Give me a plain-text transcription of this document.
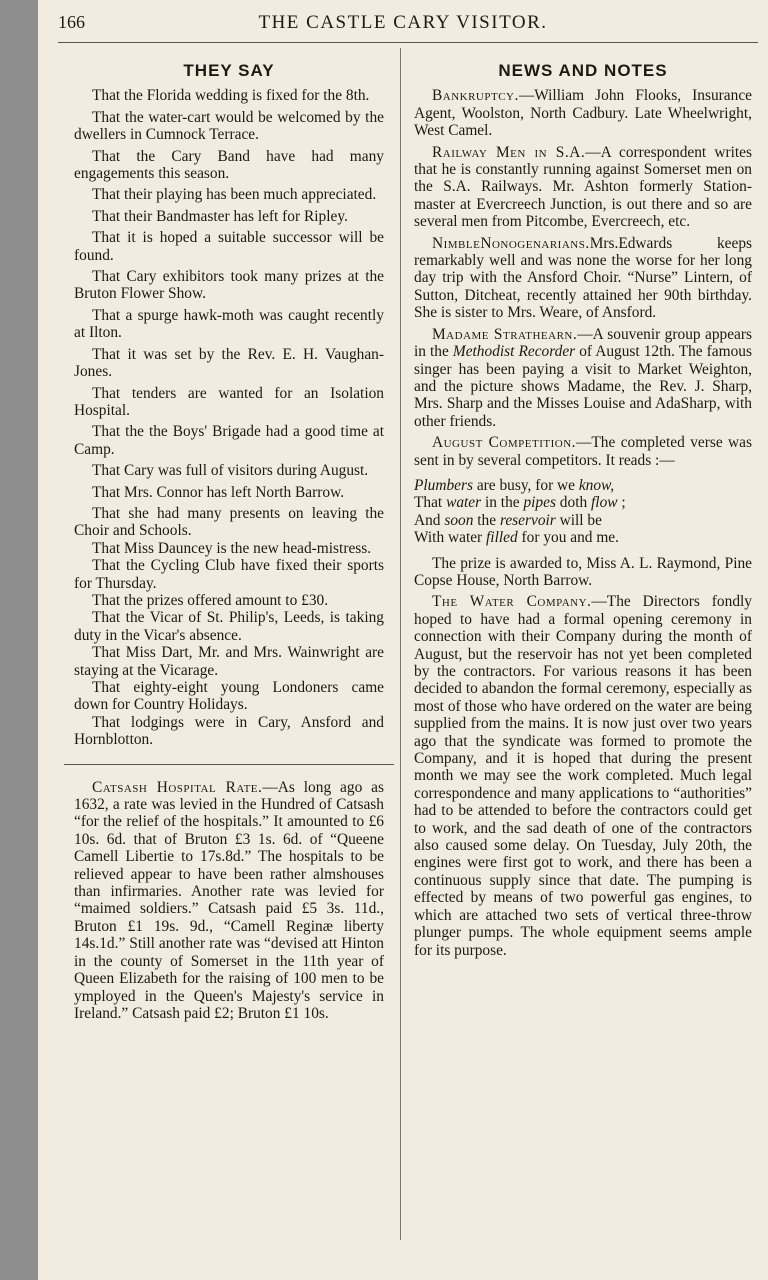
166	THE CASTLE CARY VISITOR.
THEY SAY

That the Florida wedding is fixed for the 8th.

That the water-cart would be welcomed by the dwellers in Cumnock Terrace.

That the Cary Band have had many engagements this season.

That their playing has been much appreciated.

That their Bandmaster has left for Ripley.

That it is hoped a suitable successor will be found.

That Cary exhibitors took many prizes at the Bruton Flower Show.

That a spurge hawk-moth was caught recently at Ilton.

That it was set by the Rev. E. H. Vaughan-Jones.

That tenders are wanted for an Isolation Hospital.

That the the Boys' Brigade had a good time at Camp.

That Cary was full of visitors during August.

That Mrs. Connor has left North Barrow.

That she had many presents on leaving the Choir and Schools.

That Miss Dauncey is the new head-mistress.

That the Cycling Club have fixed their sports for Thursday.

That the prizes offered amount to £30.

That the Vicar of St. Philip's, Leeds, is taking duty in the Vicar's absence.

That Miss Dart, Mr. and Mrs. Wainwright are staying at the Vicarage.

That eighty-eight young Londoners came down for Country Holidays.

That lodgings were in Cary, Ansford and Hornblotton.

Catsash Hospital Rate.—As long ago as 1632, a rate was levied in the Hundred of Catsash “for the relief of the hospitals.” It amounted to £6 10s. 6d. that of Bruton £3 1s. 6d. of “Queene Camell Libertie to 17s.8d.” The hospitals to be relieved appear to have been rather almshouses than infirmaries. Another rate was levied for “maimed soldiers.” Catsash paid £5 3s. 11d., Bruton £1 19s. 9d., “Camell Reginæ liberty 14s.1d.” Still another rate was “devised att Hinton in the county of Somerset in the 11th year of Queen Elizabeth for the raising of 100 men to be ymployed in the Queen's Majesty's service in Ireland.” Catsash paid £2; Bruton £1 10s.

NEWS AND NOTES

Bankruptcy.—William John Flooks, Insurance Agent, Woolston, North Cadbury. Late Wheelwright, West Camel.

Railway Men in S.A.—A correspondent writes that he is constantly running against Somerset men on the S.A. Railways. Mr. Ashton formerly Station-master at Evercreech Junction, is out there and so are several men from Pitcombe, Evercreech, etc.

NimbleNonogenarians.Mrs.Edwards keeps remarkably well and was none the worse for her long day trip with the Ansford Choir. “Nurse” Lintern, of Sutton, Ditcheat, recently attained her 90th birthday. She is sister to Mrs. Weare, of Ansford.

Madame Strathearn.—A souvenir group appears in the Methodist Recorder of August 12th. The famous singer has been paying a visit to Market Weighton, and the picture shows Madame, the Rev. J. Sharp, Mrs. Sharp and the Misses Louise and AdaSharp, with other friends.

August Competition.—The completed verse was sent in by several competitors. It reads :—

Plumbers are busy, for we know,
That water in the pipes doth flow ;
And soon the reservoir will be
With water filled for you and me.

The prize is awarded to, Miss A. L. Raymond, Pine Copse House, North Barrow.

The Water Company.—The Directors fondly hoped to have had a formal opening ceremony in connection with their Company during the month of August, but the reservoir has not yet been completed by the contractors. For various reasons it has been decided to abandon the formal ceremony, especially as most of those who have ordered on the water are being supplied from the mains. It is now just over two years ago that the syndicate was formed to promote the Company, and it is hoped that during the present month we may see the work completed. Much legal correspondence and many applications to “authorities” had to be attended to before the contractors could get to work, and the sad death of one of the contractors also caused some delay. On Tuesday, July 20th, the engines were first got to work, and there has been a continuous supply since that date. The pumping is effected by means of two powerful gas engines, to which are attached two sets of vertical three-throw plunger pumps. The whole equipment seems ample for its purpose.
